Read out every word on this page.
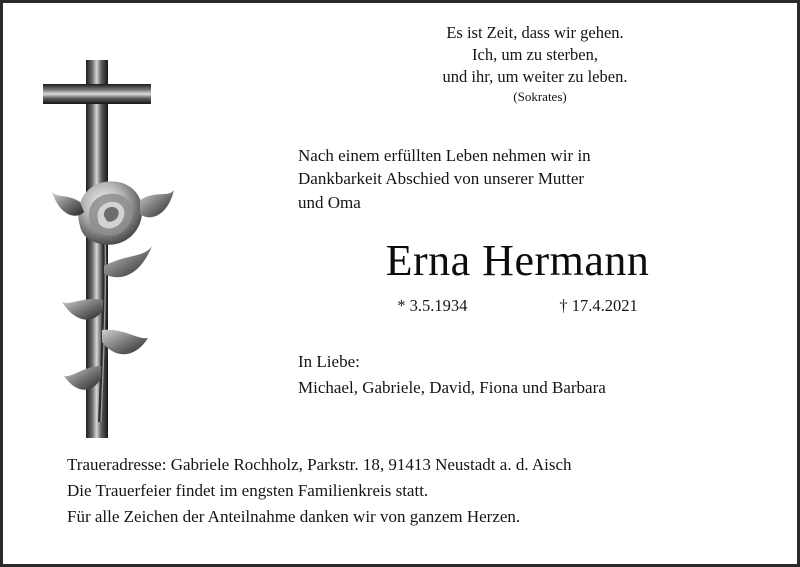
Es ist Zeit, dass wir gehen.
Ich, um zu sterben,
und ihr, um weiter zu leben.
(Sokrates)
Nach einem erfüllten Leben nehmen wir in
Dankbarkeit Abschied von unserer Mutter
und Oma
Erna Hermann
* 3.5.1934	† 17.4.2021
In Liebe:
Michael, Gabriele, David, Fiona und Barbara
Traueradresse: Gabriele Rochholz, Parkstr. 18, 91413 Neustadt a. d. Aisch
Die Trauerfeier findet im engsten Familienkreis statt.
Für alle Zeichen der Anteilnahme danken wir von ganzem Herzen.
